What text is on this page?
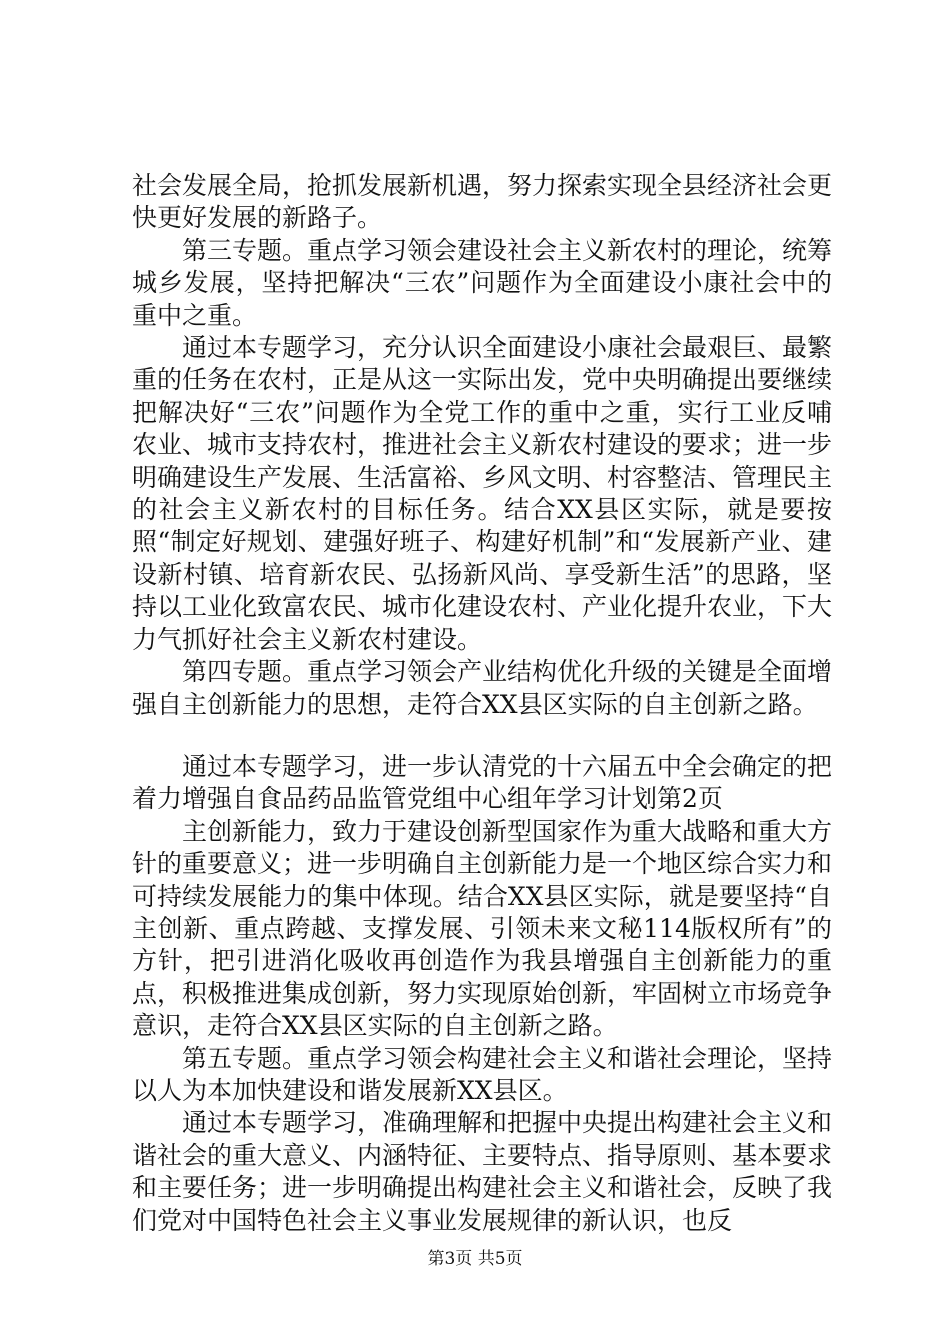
社会发展全局，抢抓发展新机遇，努力探索实现全县经济社会更快更好发展的新路子。

第三专题。重点学习领会建设社会主义新农村的理论，统筹城乡发展，坚持把解决“三农”问题作为全面建设小康社会中的重中之重。

通过本专题学习，充分认识全面建设小康社会最艰巨、最繁重的任务在农村，正是从这一实际出发，党中央明确提出要继续把解决好“三农”问题作为全党工作的重中之重，实行工业反哺农业、城市支持农村，推进社会主义新农村建设的要求；进一步明确建设生产发展、生活富裕、乡风文明、村容整洁、管理民主的社会主义新农村的目标任务。结合XX县区实际，就是要按照“制定好规划、建强好班子、构建好机制”和“发展新产业、建设新村镇、培育新农民、弘扬新风尚、享受新生活”的思路，坚持以工业化致富农民、城市化建设农村、产业化提升农业，下大力气抓好社会主义新农村建设。

第四专题。重点学习领会产业结构优化升级的关键是全面增强自主创新能力的思想，走符合XX县区实际的自主创新之路。

通过本专题学习，进一步认清党的十六届五中全会确定的把着力增强自食品药品监管党组中心组年学习计划第2页

主创新能力，致力于建设创新型国家作为重大战略和重大方针的重要意义；进一步明确自主创新能力是一个地区综合实力和可持续发展能力的集中体现。结合XX县区实际，就是要坚持“自主创新、重点跨越、支撑发展、引领未来文秘114版权所有”的方针，把引进消化吸收再创造作为我县增强自主创新能力的重点，积极推进集成创新，努力实现原始创新，牢固树立市场竞争意识，走符合XX县区实际的自主创新之路。

第五专题。重点学习领会构建社会主义和谐社会理论，坚持以人为本加快建设和谐发展新XX县区。

通过本专题学习，准确理解和把握中央提出构建社会主义和谐社会的重大意义、内涵特征、主要特点、指导原则、基本要求和主要任务；进一步明确提出构建社会主义和谐社会，反映了我们党对中国特色社会主义事业发展规律的新认识，也反

第3页 共5页
